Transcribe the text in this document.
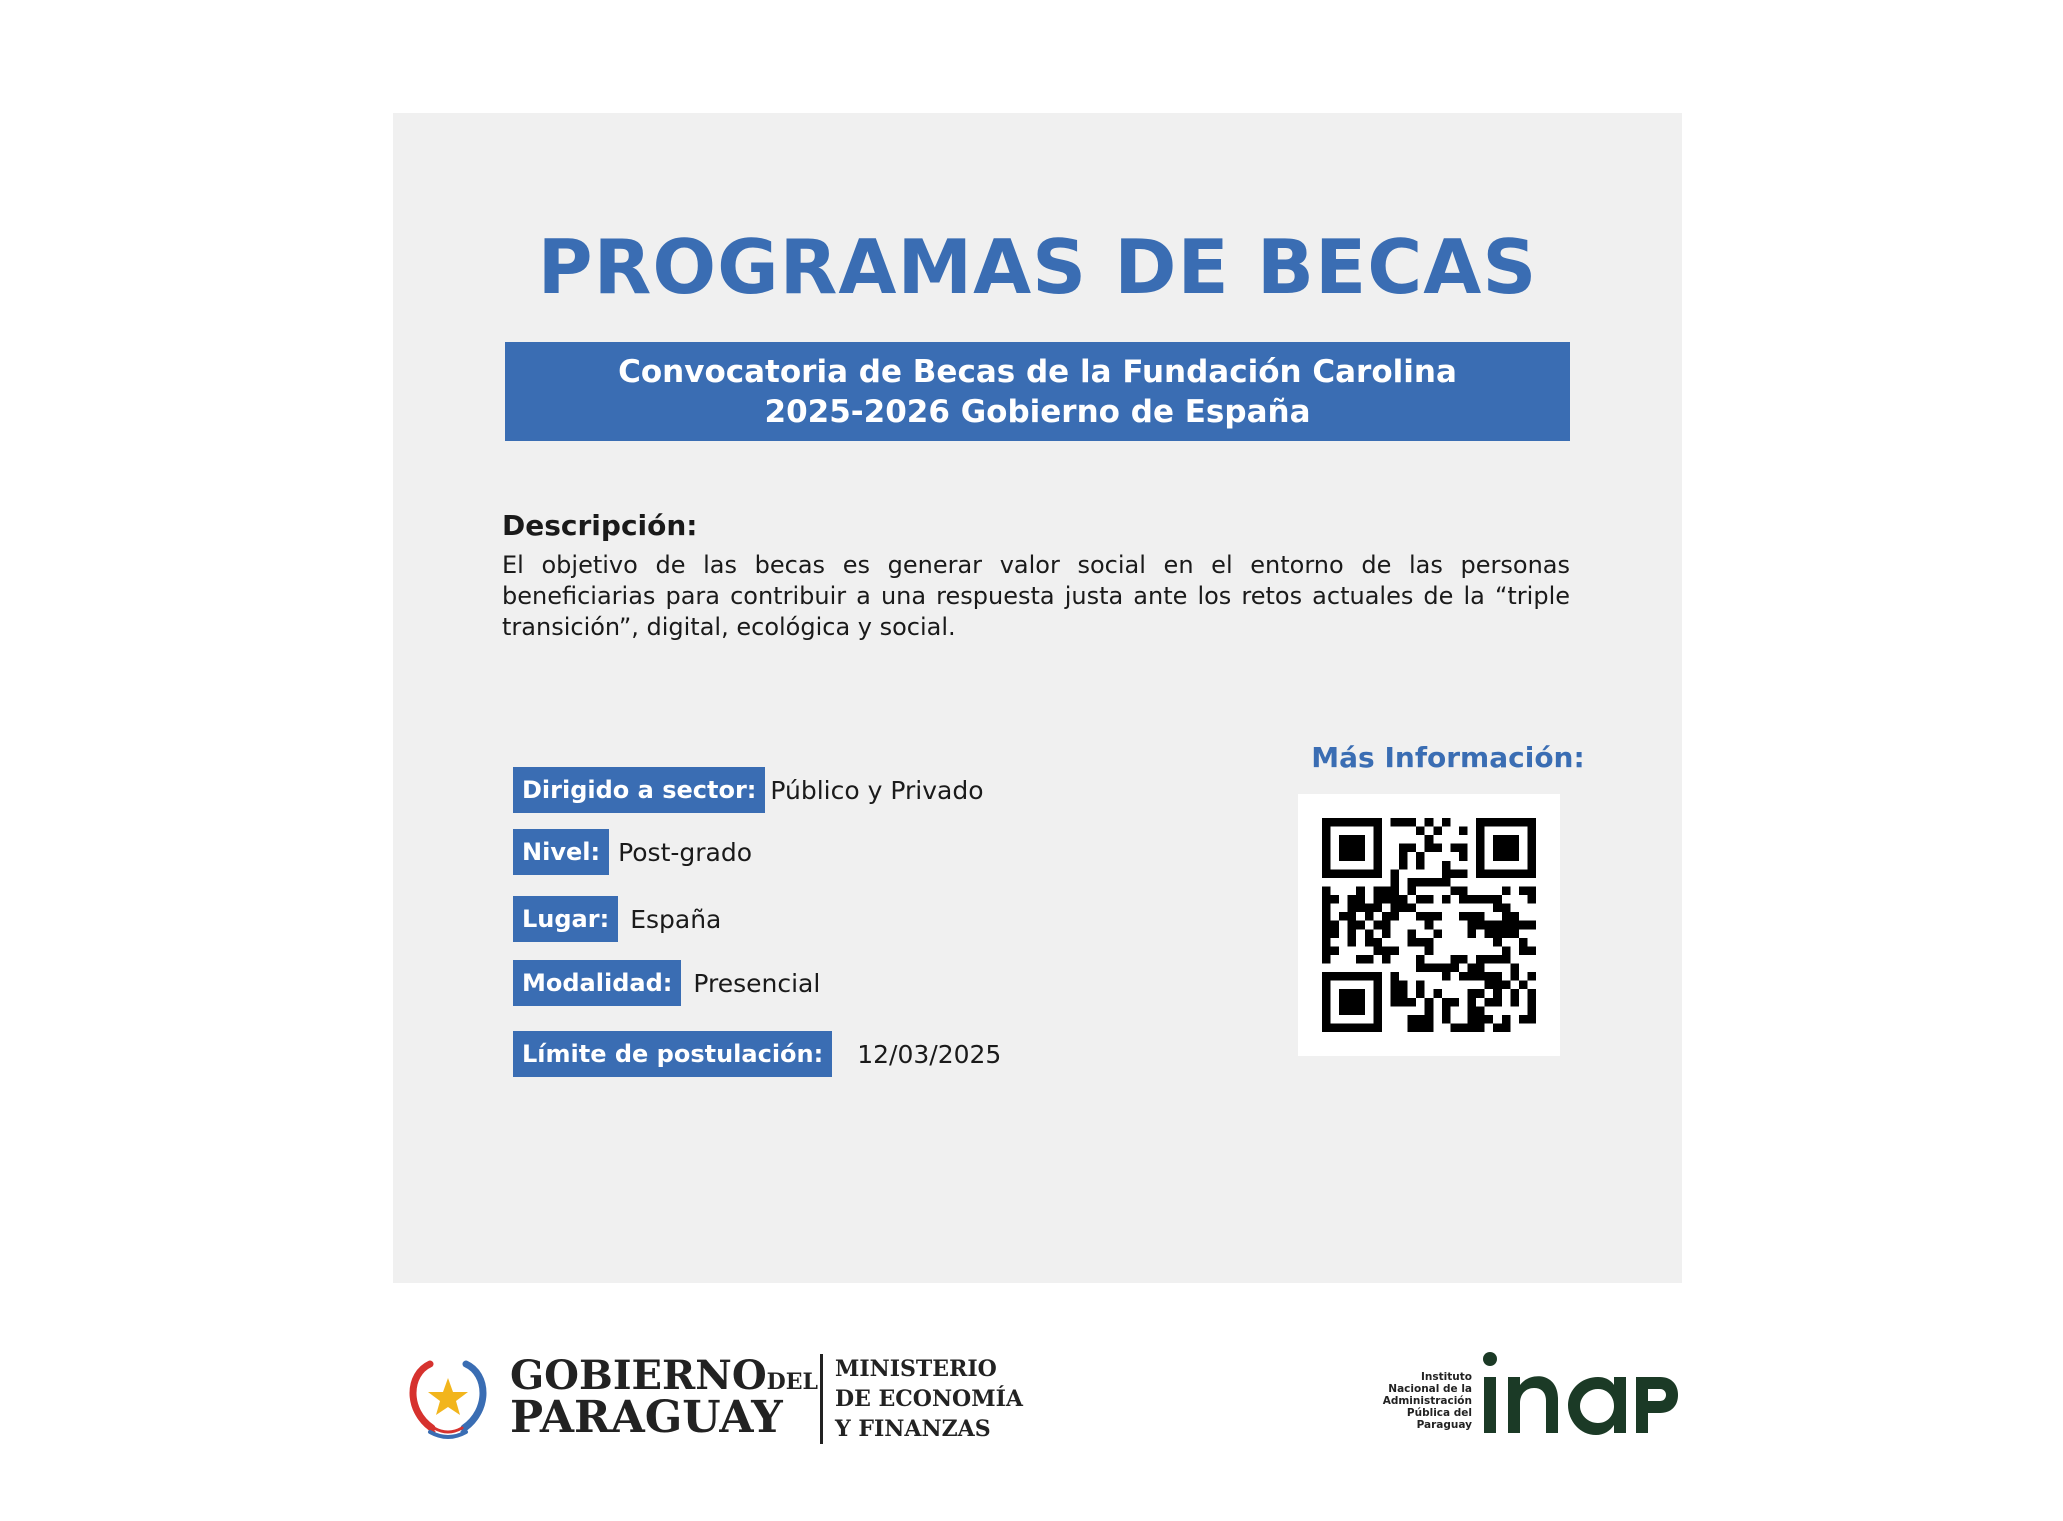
PROGRAMAS DE BECAS
Convocatoria de Becas de la Fundación Carolina
2025-2026 Gobierno de España
Descripción:

El objetivo de las becas es generar valor social en el entorno de las personas beneficiarias para contribuir a una respuesta justa ante los retos actuales de la “triple transición”, digital, ecológica y social.

Dirigido a sector: Público y Privado
Nivel: Post-grado
Lugar: España
Modalidad: Presencial
Límite de postulación:	12/03/2025
Más Información:
GOBIERNODEL
PARAGUAY
MINISTERIO
DE ECONOMÍA
Y FINANZAS
Instituto
Nacional de la
Administración
Pública del
Paraguay
